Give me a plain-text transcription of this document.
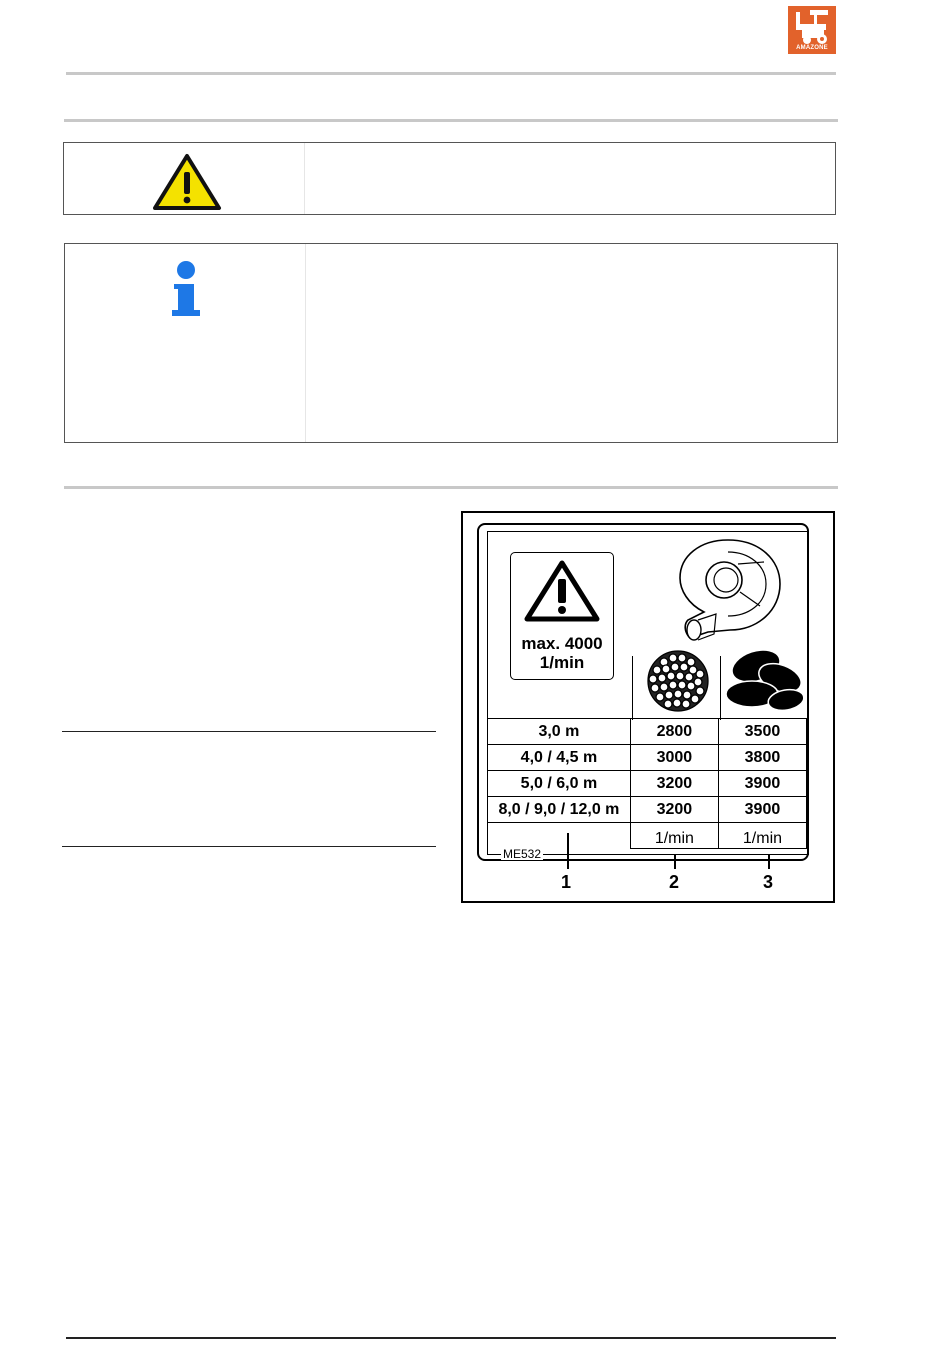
AMAZONE
max. 4000
1/min
3,0 m	2800	3500
4,0 / 4,5 m	3000	3800
5,0 / 6,0 m	3200	3900
8,0 / 9,0 / 12,0 m	3200	3900
	1/min	1/min
ME532
1	2	3
